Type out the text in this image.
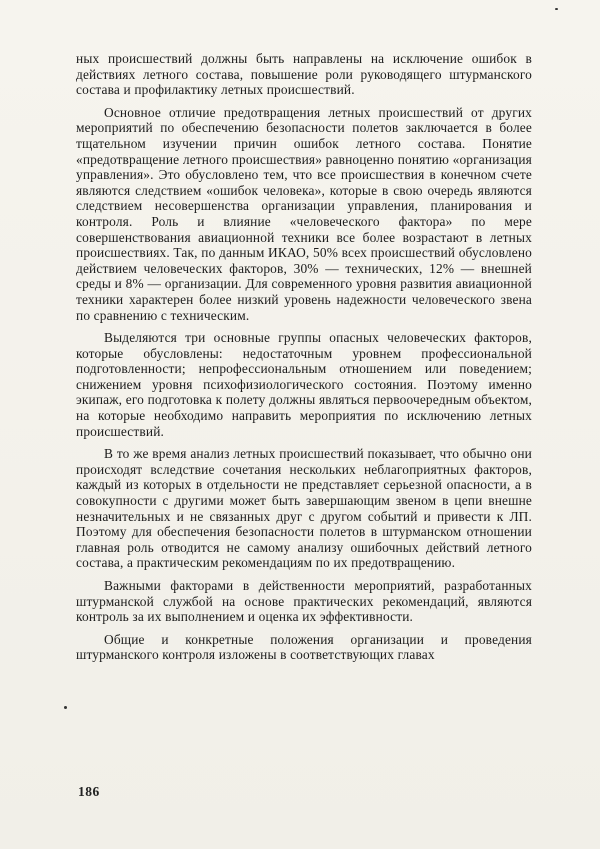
ных происшествий должны быть направлены на исключение ошибок в действиях летного состава, повышение роли руководящего штурманского состава и профилактику летных происшествий.

Основное отличие предотвращения летных происшествий от других мероприятий по обеспечению безопасности полетов заключается в более тщательном изучении причин ошибок летного состава. Понятие «предотвращение летного происшествия» равноценно понятию «организация управления». Это обусловлено тем, что все происшествия в конечном счете являются следствием «ошибок человека», которые в свою очередь являются следствием несовершенства организации управления, планирования и контроля. Роль и влияние «человеческого фактора» по мере совершенствования авиационной техники все более возрастают в летных происшествиях. Так, по данным ИКАО, 50% всех происшествий обусловлено действием человеческих факторов, 30% — технических, 12% — внешней среды и 8% — организации. Для современного уровня развития авиационной техники характерен более низкий уровень надежности человеческого звена по сравнению с техническим.

Выделяются три основные группы опасных человеческих факторов, которые обусловлены: недостаточным уровнем профессиональной подготовленности; непрофессиональным отношением или поведением; снижением уровня психофизиологического состояния. Поэтому именно экипаж, его подготовка к полету должны являться первоочередным объектом, на которые необходимо направить мероприятия по исключению летных происшествий.

В то же время анализ летных происшествий показывает, что обычно они происходят вследствие сочетания нескольких неблагоприятных факторов, каждый из которых в отдельности не представляет серьезной опасности, а в совокупности с другими может быть завершающим звеном в цепи внешне незначительных и не связанных друг с другом событий и привести к ЛП. Поэтому для обеспечения безопасности полетов в штурманском отношении главная роль отводится не самому анализу ошибочных действий летного состава, а практическим рекомендациям по их предотвращению.

Важными факторами в действенности мероприятий, разработанных штурманской службой на основе практических рекомендаций, являются контроль за их выполнением и оценка их эффективности.

Общие и конкретные положения организации и проведения штурманского контроля изложены в соответствующих главах

186
